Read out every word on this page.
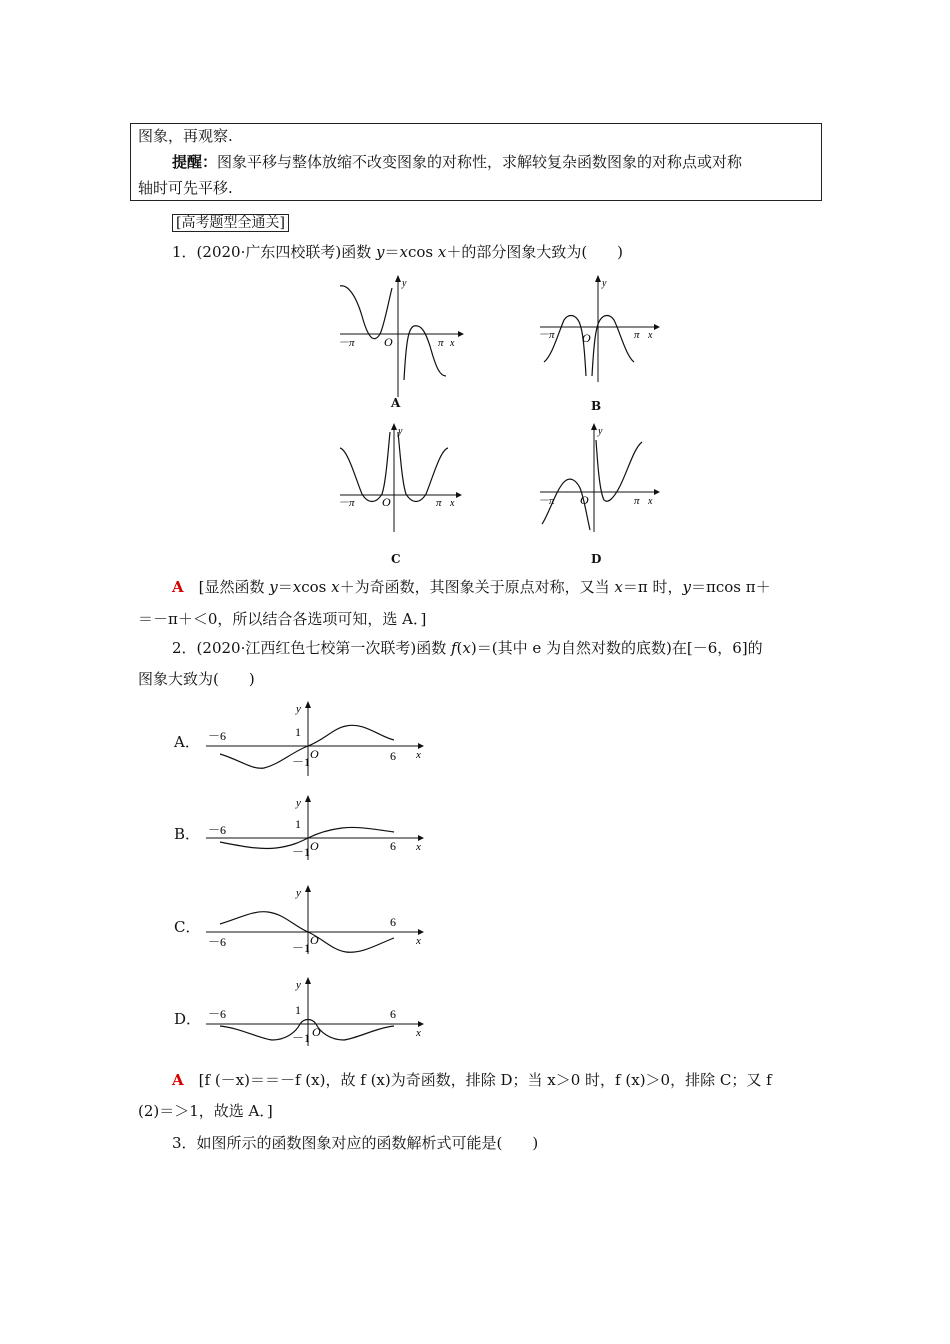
图象，再观察.
提醒：图象平移与整体放缩不改变图象的对称性，求解较复杂函数图象的对称点或对称
轴时可先平移.
[高考题型全通关]
1．(2020·广东四校联考)函数 y＝xcos x＋的部分图象大致为(　　)
－π O	π x
y
A
－π O	π x
y
B
－π O	π x
y
C
－π O	π x
y
D
A　 [显然函数 y＝xcos x＋为奇函数，其图象关于原点对称，又当 x＝π 时，y＝πcos π＋
＝－π＋＜0，所以结合各选项可知，选 A．]
2．(2020·江西红色七校第一次联考)函数 f(x)＝(其中 e 为自然对数的底数)在[－6，6]的
图象大致为(　　)
A． －6	1
－1
O	6 x
y
B． －6	1
－1 O	6 x
y
C．
－6	－1
O
6
x
y
D． －6	1
－1 O
6
x
y
A　 [f (－x)＝＝－f (x)，故 f (x)为奇函数，排除 D；当 x＞0 时，f (x)＞0，排除 C；又 f
(2)＝＞1，故选 A．]
3．如图所示的函数图象对应的函数解析式可能是(　　)
